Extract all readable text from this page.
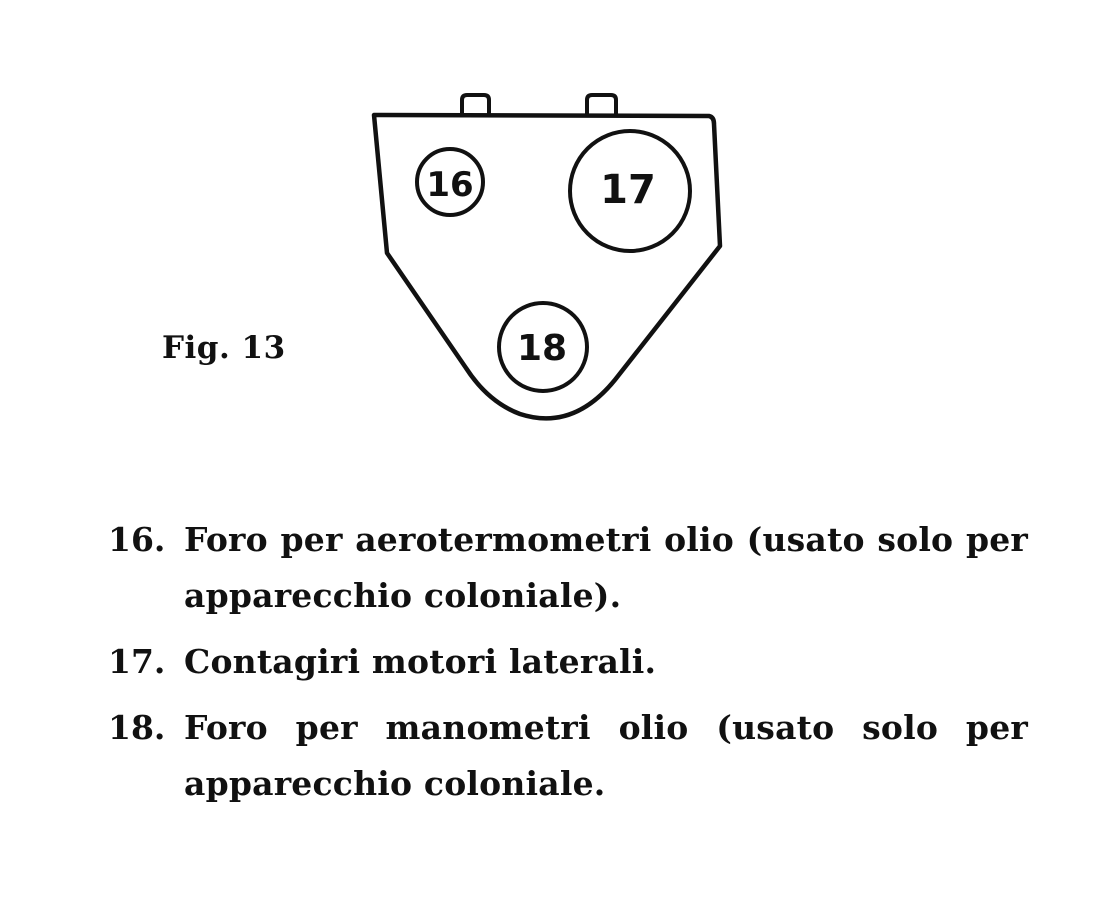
16	17
18
Fig. 13
16. Foro per aerotermometri olio (usato solo per apparecchio coloniale).
17. Contagiri motori laterali.
18. Foro per manometri olio (usato solo per apparecchio coloniale.
